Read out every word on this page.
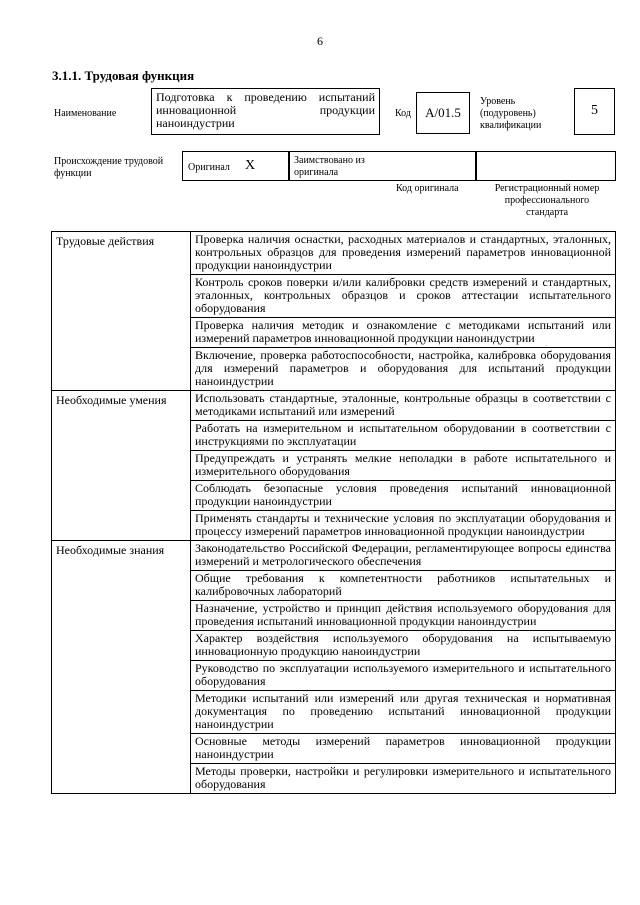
6
3.1.1. Трудовая функция
Наименование
Подготовка к проведению испытаний инновационной продукции наноиндустрии
Код	A/01.5
Уровень (подуровень) квалификации
5
Происхождение трудовой функции
Оригинал X	Заимствовано из оригинала
Код оригинала	Регистрационный номер профессионального стандарта
Трудовые действия	Проверка наличия оснастки, расходных материалов и стандартных, эталонных, контрольных образцов для проведения измерений параметров инновационной продукции наноиндустрии
	Контроль сроков поверки и/или калибровки средств измерений и стандартных, эталонных, контрольных образцов и сроков аттестации испытательного оборудования
	Проверка наличия методик и ознакомление с методиками испытаний или измерений параметров инновационной продукции наноиндустрии
	Включение, проверка работоспособности, настройка, калибровка оборудования для измерений параметров и оборудования для испытаний продукции наноиндустрии
Необходимые умения	Использовать стандартные, эталонные, контрольные образцы в соответствии с методиками испытаний или измерений
	Работать на измерительном и испытательном оборудовании в соответствии с инструкциями по эксплуатации
	Предупреждать и устранять мелкие неполадки в работе испытательного и измерительного оборудования
	Соблюдать безопасные условия проведения испытаний инновационной продукции наноиндустрии
	Применять стандарты и технические условия по эксплуатации оборудования и процессу измерений параметров инновационной продукции наноиндустрии
Необходимые знания	Законодательство Российской Федерации, регламентирующее вопросы единства измерений и метрологического обеспечения
	Общие требования к компетентности работников испытательных и калибровочных лабораторий
	Назначение, устройство и принцип действия используемого оборудования для проведения испытаний инновационной продукции наноиндустрии
	Характер воздействия используемого оборудования на испытываемую инновационную продукцию наноиндустрии
	Руководство по эксплуатации используемого измерительного и испытательного оборудования
	Методики испытаний или измерений или другая техническая и нормативная документация по проведению испытаний инновационной продукции наноиндустрии
	Основные методы измерений параметров инновационной продукции наноиндустрии
	Методы проверки, настройки и регулировки измерительного и испытательного оборудования
